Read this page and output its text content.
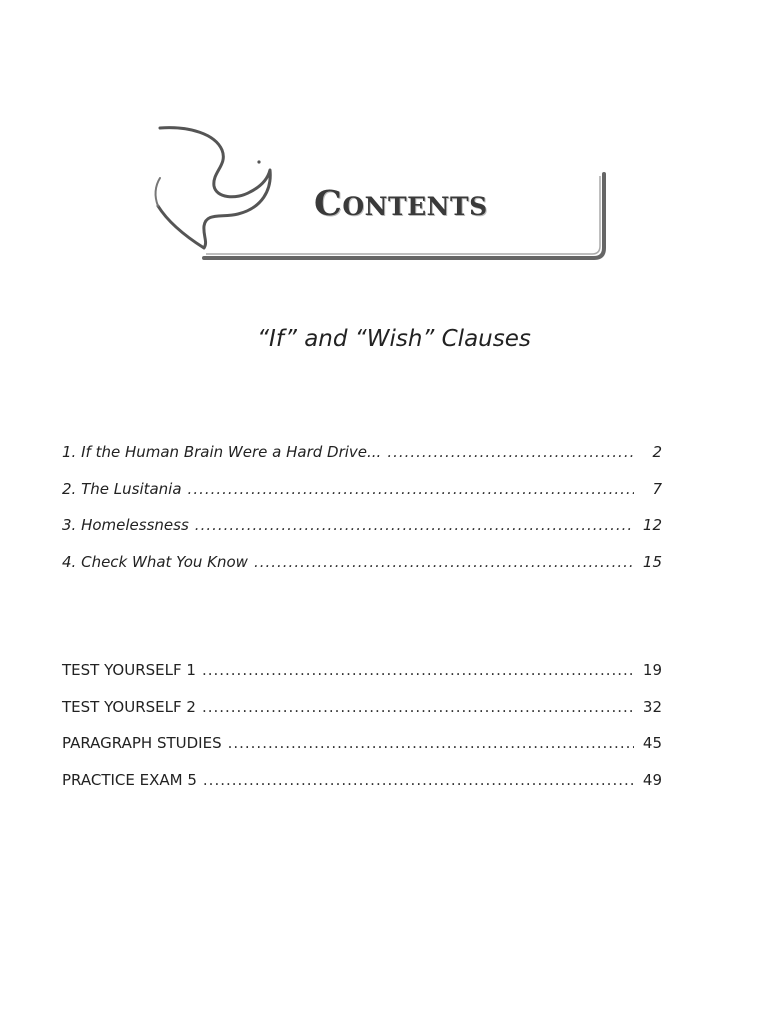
Contents
“If” and “Wish” Clauses
1.
If the Human Brain Were a Hard Drive... .....	2
2.
The Lusitania .....	7
3.
Homelessness .....	12
4.
Check What You Know .....	15
TEST YOURSELF 1 .....	19
TEST YOURSELF 2 .....	32
PARAGRAPH STUDIES .....	45
PRACTICE EXAM 5 .....	49
